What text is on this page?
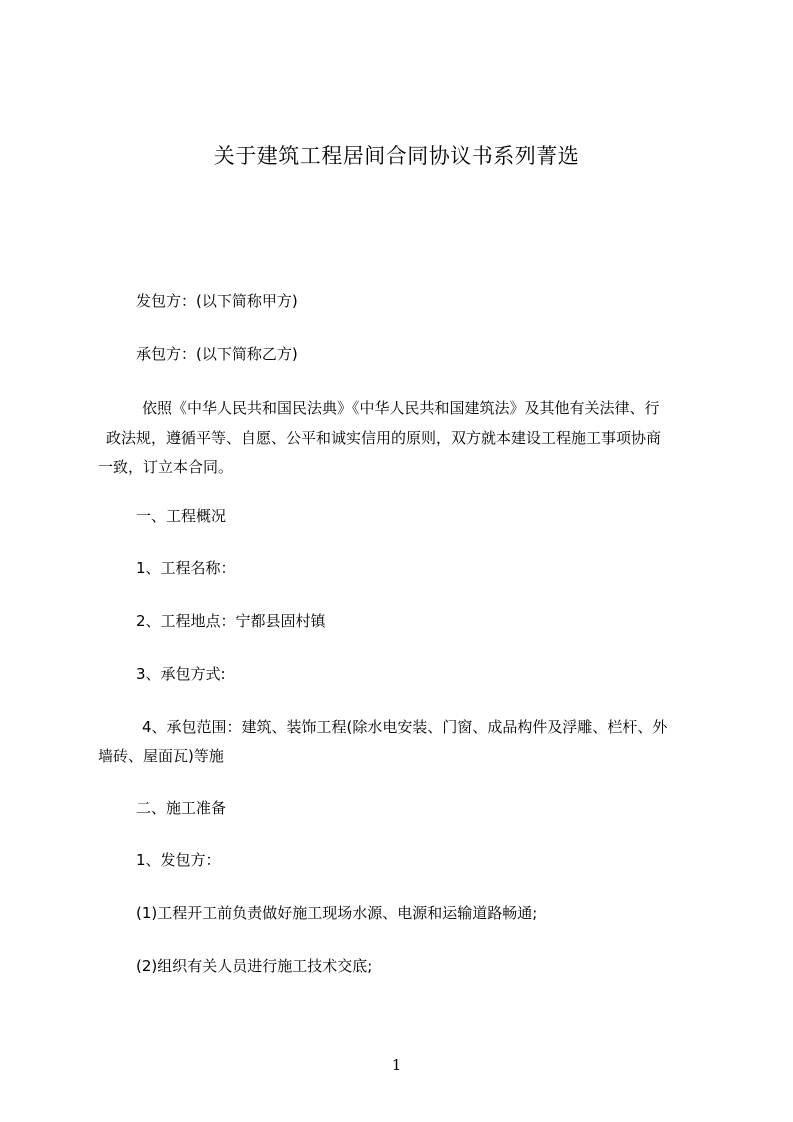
关于建筑工程居间合同协议书系列菁选

发包方：(以下简称甲方)

承包方：(以下简称乙方)

依照《中华人民共和国民法典》《中华人民共和国建筑法》及其他有关法律、行

政法规，遵循平等、自愿、公平和诚实信用的原则，双方就本建设工程施工事项协商

一致，订立本合同。

一、工程概况

1、工程名称：

2、工程地点：宁都县固村镇

3、承包方式:

4、承包范围：建筑、装饰工程(除水电安装、门窗、成品构件及浮雕、栏杆、外

墙砖、屋面瓦)等施

二、施工准备

1、发包方：

(1)工程开工前负责做好施工现场水源、电源和运输道路畅通;

(2)组织有关人员进行施工技术交底;

1
